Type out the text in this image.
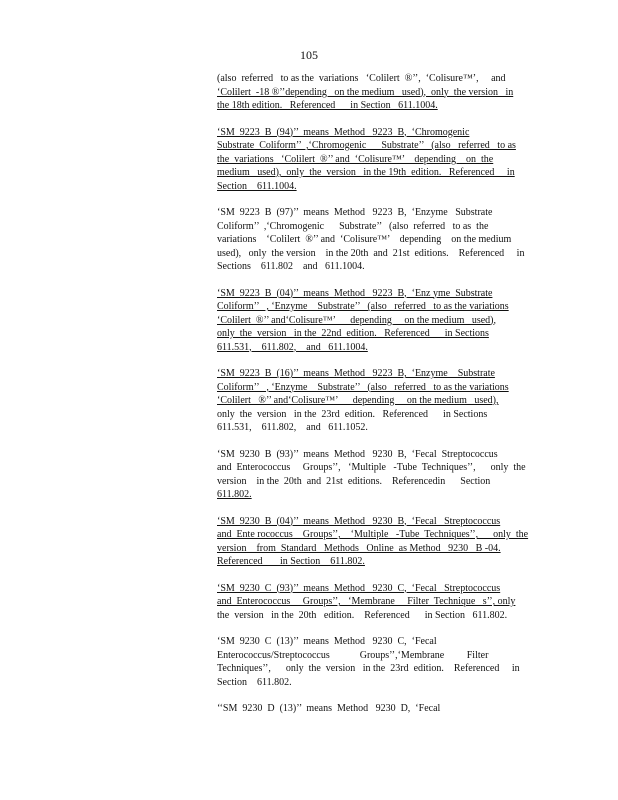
105
(also  referred   to as the  variations   ‘Colilert  ®’’,  ‘Colisure™’,     and
‘Colilert  -18 ®’’depending   on the medium   used),  only  the version   in
the 18th edition.   Referenced      in Section   611.1004.
‘SM  9223  B  (94)’’  means  Method   9223  B,  ‘Chromogenic
Substrate  Coliform’’  ,‘Chromogenic      Substrate’’   (also   referred   to as
the  variations   ‘Colilert  ®’’ and  ‘Colisure™’    depending    on  the
medium   used),  only  the  version   in the 19th  edition.   Referenced     in
Section    611.1004.
‘SM  9223  B  (97)’’  means  Method   9223  B,  ‘Enzyme   Substrate
Coliform’’  ,‘Chromogenic      Substrate’’   (also  referred   to as  the
variations    ‘Colilert  ®’’ and  ‘Colisure™’    depending    on the medium
used),   only  the version    in the 20th  and  21st  editions.    Referenced     in
Sections    611.802    and   611.1004.
‘SM  9223  B  (04)’’  means  Method   9223  B,  ‘Enz yme  Substrate
Coliform’’   , ‘Enzyme    Substrate’’   (also   referred   to as the variations
‘Colilert  ®’’ and‘Colisure™’      depending     on the medium   used),
only  the  version   in the  22nd  edition.   Referenced      in Sections
611.531,    611.802,    and   611.1004.
‘SM  9223  B  (16)’’  means  Method   9223  B,  ‘Enzyme    Substrate
Coliform’’   , ‘Enzyme    Substrate’’   (also   referred   to as the variations
‘Colilert   ®’’ and‘Colisure™’      depending     on the medium   used),
only  the  version   in the  23rd  edition.   Referenced      in Sections
611.531,    611.802,    and   611.1052.
‘SM  9230  B  (93)’’  means  Method   9230  B,  ‘Fecal  Streptococcus
and  Enterococcus     Groups’’,   ‘Multiple   -Tube  Techniques’’,      only  the
version    in the  20th  and  21st  editions.    Referencedin      Section
611.802.
‘SM  9230  B  (04)’’  means  Method   9230  B,  ‘Fecal   Streptococcus
and  Ente rococcus    Groups’’,    ‘Multiple   -Tube  Techniques’’,      only  the
version    from  Standard   Methods   Online  as Method   9230   B -04.
Referenced       in Section    611.802.
‘SM  9230  C  (93)’’  means  Method   9230  C,  ‘Fecal   Streptococcus
and  Enterococcus     Groups’’,   ‘Membrane     Filter  Technique   s’’, only
the  version   in the  20th   edition.    Referenced      in Section   611.802.
‘SM  9230  C  (13)’’  means  Method   9230  C,  ‘Fecal
Enterococcus/Streptococcus            Groups’’,‘Membrane         Filter
Techniques’’,      only  the  version   in the  23rd  edition.    Referenced     in
Section    611.802.
‘‘SM  9230  D  (13)’’  means  Method   9230  D,  ‘Fecal
